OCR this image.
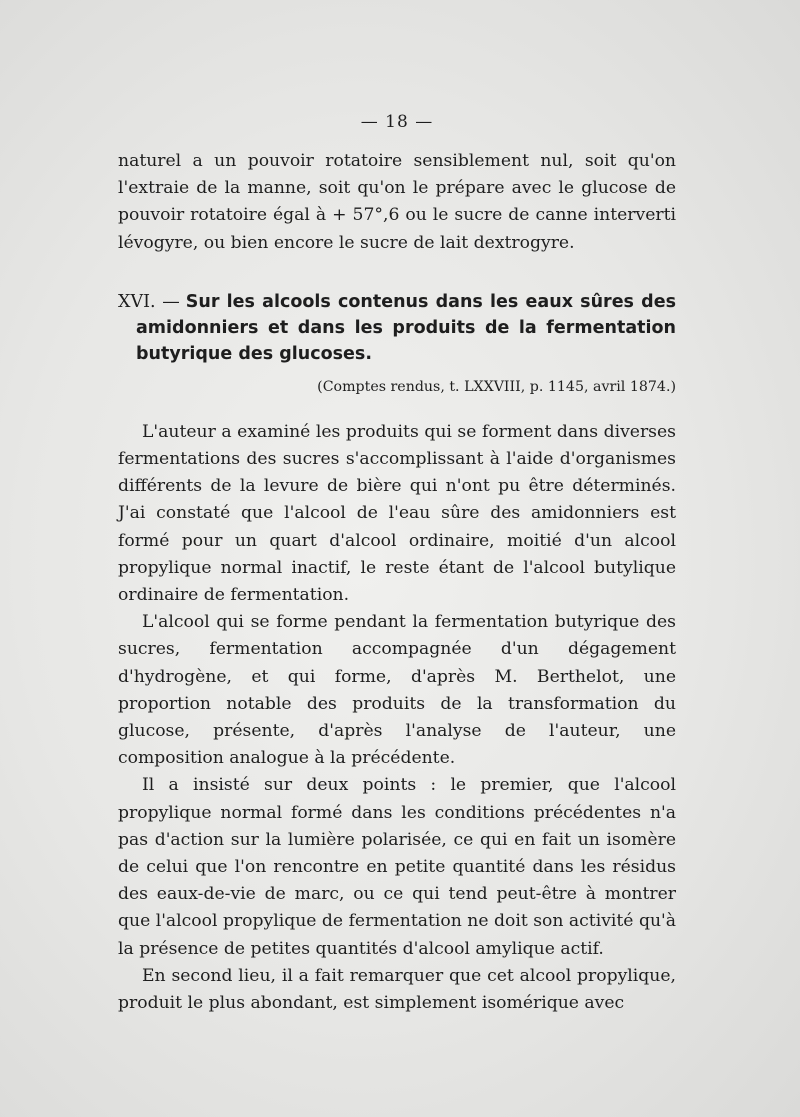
— 18 —

naturel a un pouvoir rotatoire sensiblement nul, soit qu'on l'extraie de la manne, soit qu'on le prépare avec le glucose de pouvoir rotatoire égal à + 57°,6 ou le sucre de canne interverti lévogyre, ou bien encore le sucre de lait dextrogyre.

XVI. — Sur les alcools contenus dans les eaux sûres des amidonniers et dans les produits de la fermentation butyrique des glucoses.
(Comptes rendus, t. LXXVIII, p. 1145, avril 1874.)

L'auteur a examiné les produits qui se forment dans diverses fermentations des sucres s'accomplissant à l'aide d'organismes différents de la levure de bière qui n'ont pu être déterminés. J'ai constaté que l'alcool de l'eau sûre des amidonniers est formé pour un quart d'alcool ordinaire, moitié d'un alcool propylique normal inactif, le reste étant de l'alcool butylique ordinaire de fermentation.

L'alcool qui se forme pendant la fermentation butyrique des sucres, fermentation accompagnée d'un dégagement d'hydrogène, et qui forme, d'après M. Berthelot, une proportion notable des produits de la transformation du glucose, présente, d'après l'analyse de l'auteur, une composition analogue à la précédente.

Il a insisté sur deux points : le premier, que l'alcool propylique normal formé dans les conditions précédentes n'a pas d'action sur la lumière polarisée, ce qui en fait un isomère de celui que l'on rencontre en petite quantité dans les résidus des eaux-de-vie de marc, ou ce qui tend peut-être à montrer que l'alcool propylique de fermentation ne doit son activité qu'à la présence de petites quantités d'alcool amylique actif.

En second lieu, il a fait remarquer que cet alcool propylique, produit le plus abondant, est simplement isomérique avec
